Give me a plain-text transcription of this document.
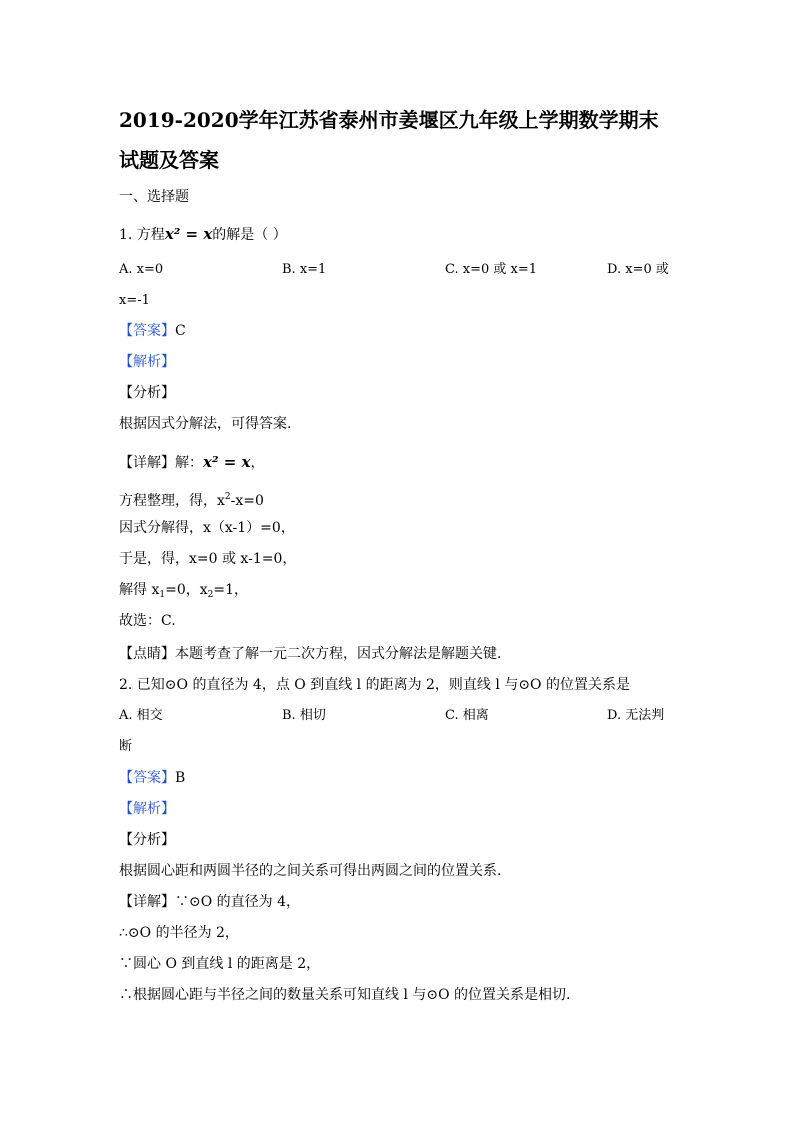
2019-2020学年江苏省泰州市姜堰区九年级上学期数学期末
试题及答案
一、选择题
1. 方程x² = x的解是（ ）
A. x=0	B. x=1	C. x=0 或 x=1	D. x=0 或
x=-1
【答案】C
【解析】
【分析】
根据因式分解法，可得答案.
【详解】解：x² = x，
方程整理，得，$x^2-x=0$
因式分解得，x（x-1）=0，
于是，得，x=0 或 x-1=0，
解得 $x_1=0$，$x_2=1$，
故选：C.
【点睛】本题考查了解一元二次方程，因式分解法是解题关键.
2. 已知⊙O 的直径为 4，点 O 到直线 l 的距离为 2，则直线 l 与⊙O 的位置关系是
A. 相交	B. 相切	C. 相离	D. 无法判
断
【答案】B
【解析】
【分析】
根据圆心距和两圆半径的之间关系可得出两圆之间的位置关系.
【详解】∵⊙O 的直径为 4，
∴⊙O 的半径为 2，
∵圆心 O 到直线 l 的距离是 2，
∴根据圆心距与半径之间的数量关系可知直线 l 与⊙O 的位置关系是相切.
